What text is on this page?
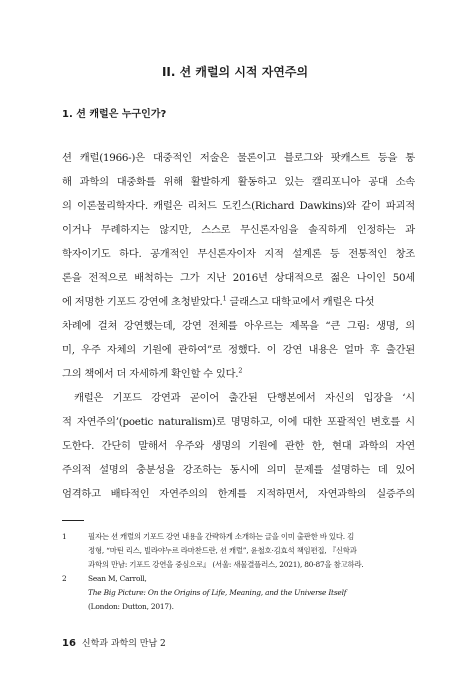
II. 션 캐럴의 시적 자연주의
1. 션 캐럴은 누구인가?
션 캐럴(1966-)은 대중적인 저술은 물론이고 블로그와 팟캐스트 등을 통
해 과학의 대중화를 위해 활발하게 활동하고 있는 캘리포니아 공대 소속
의 이론물리학자다. 캐럴은 리처드 도킨스(Richard Dawkins)와 같이 파괴적
이거나 무례하지는 않지만, 스스로 무신론자임을 솔직하게 인정하는 과
학자이기도 하다. 공개적인 무신론자이자 지적 설계론 등 전통적인 창조
론을 전적으로 배척하는 그가 지난 2016년 상대적으로 젊은 나이인 50세
에 저명한 기포드 강연에 초청받았다.$^1$ 글래스고 대학교에서 캐럴은 다섯
차례에 걸쳐 강연했는데, 강연 전체를 아우르는 제목을 “큰 그림: 생명, 의
미, 우주 자체의 기원에 관하여”로 정했다. 이 강연 내용은 얼마 후 출간된
그의 책에서 더 자세하게 확인할 수 있다.$^2$
캐럴은 기포드 강연과 곧이어 출간된 단행본에서 자신의 입장을 ‘시
적 자연주의’(poetic naturalism)로 명명하고, 이에 대한 포괄적인 변호를 시
도한다. 간단히 말해서 우주와 생명의 기원에 관한 한, 현대 과학의 자연
주의적 설명의 충분성을 강조하는 동시에 의미 문제를 설명하는 데 있어
엄격하고 배타적인 자연주의의 한계를 지적하면서, 자연과학의 실증주의
1	필자는 션 캐럴의 기포드 강연 내용을 간략하게 소개하는 글을 이미 출판한 바 있다. 김
정형, “마틴 리스, 빌라야누르 라마찬드란, 션 캐럴”, 윤철호·김효석 책임편집, 『신학과
과학의 만남: 기포드 강연을 중심으로』 (서울: 새물결플러스, 2021), 80-87을 참고하라.
2	Sean M, Carroll,
The Big Picture: On the Origins of Life, Meaning, and the Universe Itself
(London: Dutton, 2017).
16 신학과 과학의 만남 2
